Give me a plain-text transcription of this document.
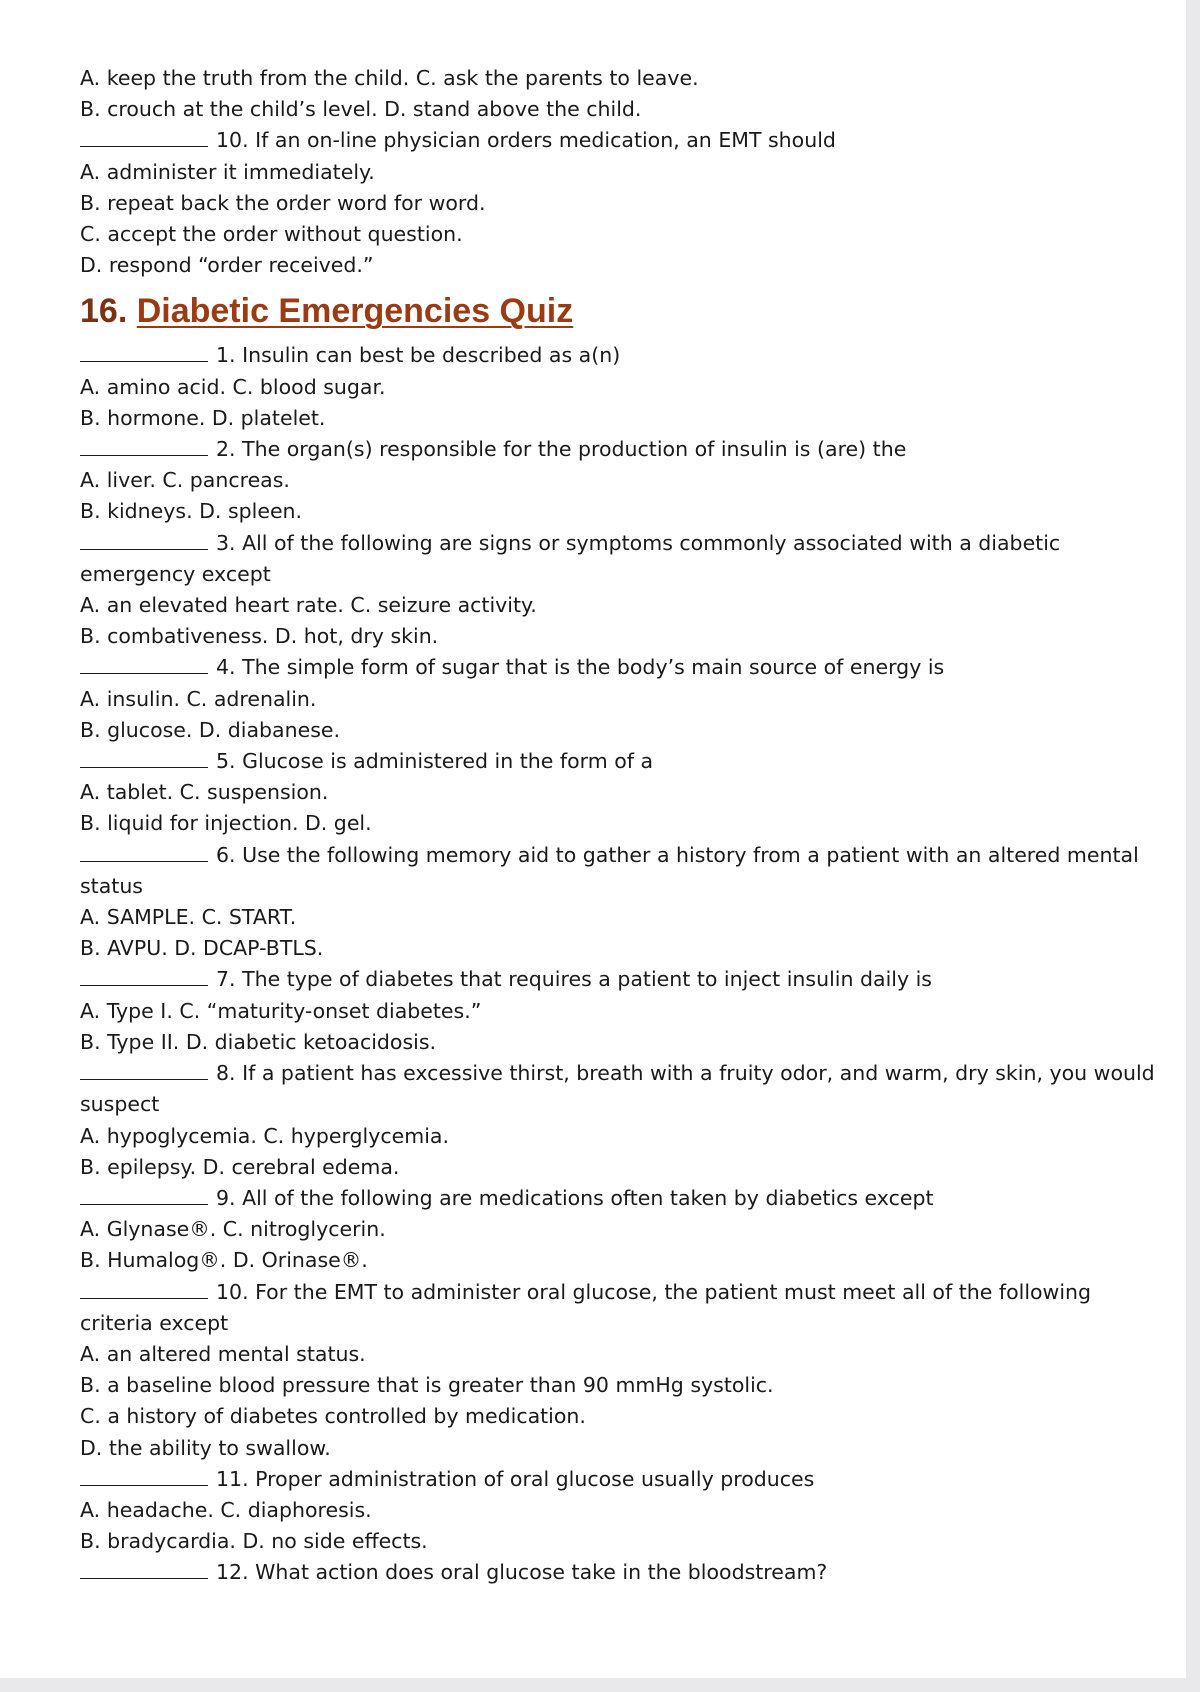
A. keep the truth from the child. C. ask the parents to leave.
B. crouch at the child’s level. D. stand above the child.
10. If an on-line physician orders medication, an EMT should
A. administer it immediately.
B. repeat back the order word for word.
C. accept the order without question.
D. respond “order received.”
16. Diabetic Emergencies Quiz
1. Insulin can best be described as a(n)
A. amino acid. C. blood sugar.
B. hormone. D. platelet.
2. The organ(s) responsible for the production of insulin is (are) the
A. liver. C. pancreas.
B. kidneys. D. spleen.
3. All of the following are signs or symptoms commonly associated with a diabetic emergency except
A. an elevated heart rate. C. seizure activity.
B. combativeness. D. hot, dry skin.
4. The simple form of sugar that is the body’s main source of energy is
A. insulin. C. adrenalin.
B. glucose. D. diabanese.
5. Glucose is administered in the form of a
A. tablet. C. suspension.
B. liquid for injection. D. gel.
6. Use the following memory aid to gather a history from a patient with an altered mental status
A. SAMPLE. C. START.
B. AVPU. D. DCAP-BTLS.
7. The type of diabetes that requires a patient to inject insulin daily is
A. Type I. C. “maturity-onset diabetes.”
B. Type II. D. diabetic ketoacidosis.
8. If a patient has excessive thirst, breath with a fruity odor, and warm, dry skin, you would suspect
A. hypoglycemia. C. hyperglycemia.
B. epilepsy. D. cerebral edema.
9. All of the following are medications often taken by diabetics except
A. Glynase®. C. nitroglycerin.
B. Humalog®. D. Orinase®.
10. For the EMT to administer oral glucose, the patient must meet all of the following criteria except
A. an altered mental status.
B. a baseline blood pressure that is greater than 90 mmHg systolic.
C. a history of diabetes controlled by medication.
D. the ability to swallow.
11. Proper administration of oral glucose usually produces
A. headache. C. diaphoresis.
B. bradycardia. D. no side effects.
12. What action does oral glucose take in the bloodstream?
